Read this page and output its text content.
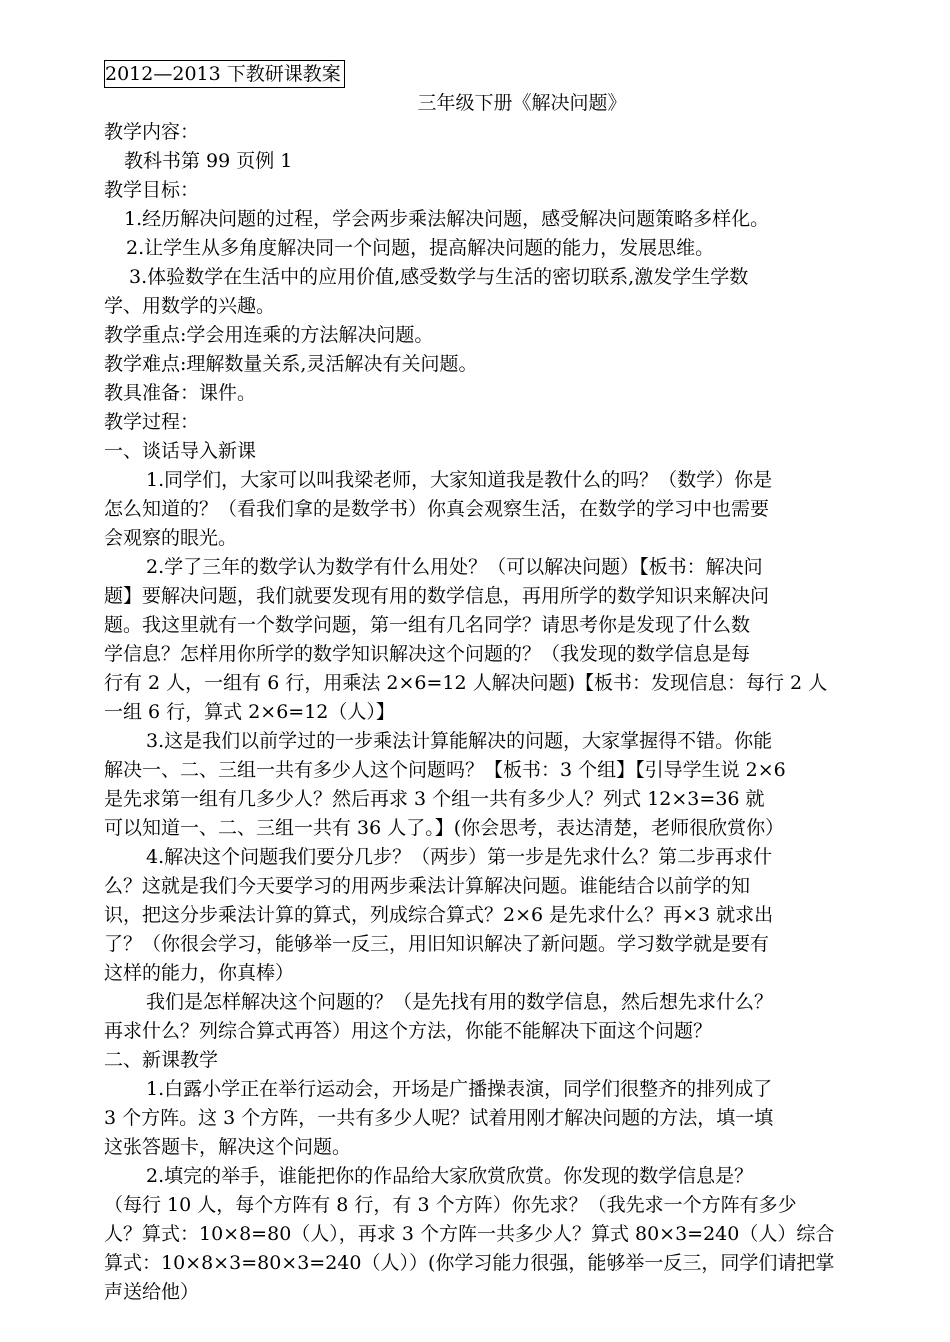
2012—2013 下教研课教案
三年级下册《解决问题》
教学内容：
教科书第 99 页例 1
教学目标：
1.经历解决问题的过程，学会两步乘法解决问题，感受解决问题策略多样化。
2.让学生从多角度解决同一个问题，提高解决问题的能力，发展思维。
3.体验数学在生活中的应用价值,感受数学与生活的密切联系,激发学生学数
学、用数学的兴趣。
教学重点:学会用连乘的方法解决问题。
教学难点:理解数量关系,灵活解决有关问题。
教具准备：课件。
教学过程：
一、谈话导入新课
1.同学们，大家可以叫我梁老师，大家知道我是教什么的吗？（数学）你是
怎么知道的？（看我们拿的是数学书）你真会观察生活，在数学的学习中也需要
会观察的眼光。
2.学了三年的数学认为数学有什么用处？（可以解决问题）【板书：解决问
题】要解决问题，我们就要发现有用的数学信息，再用所学的数学知识来解决问
题。我这里就有一个数学问题，第一组有几名同学？请思考你是发现了什么数
学信息？怎样用你所学的数学知识解决这个问题的？（我发现的数学信息是每
行有 2 人，一组有 6 行，用乘法 2×6=12 人解决问题)【板书：发现信息：每行 2 人
一组 6 行，算式 2×6=12（人）】
3.这是我们以前学过的一步乘法计算能解决的问题，大家掌握得不错。你能
解决一、二、三组一共有多少人这个问题吗？【板书：3 个组】【引导学生说 2×6
是先求第一组有几多少人？然后再求 3 个组一共有多少人？列式 12×3=36 就
可以知道一、二、三组一共有 36 人了。】(你会思考，表达清楚，老师很欣赏你）
4.解决这个问题我们要分几步？（两步）第一步是先求什么？第二步再求什
么？这就是我们今天要学习的用两步乘法计算解决问题。谁能结合以前学的知
识，把这分步乘法计算的算式，列成综合算式？2×6 是先求什么？再×3 就求出
了？（你很会学习，能够举一反三，用旧知识解决了新问题。学习数学就是要有
这样的能力，你真棒）
我们是怎样解决这个问题的？（是先找有用的数学信息，然后想先求什么？
再求什么？列综合算式再答）用这个方法，你能不能解决下面这个问题？
二、新课教学
1.白露小学正在举行运动会，开场是广播操表演，同学们很整齐的排列成了
3 个方阵。这 3 个方阵，一共有多少人呢？试着用刚才解决问题的方法，填一填
这张答题卡，解决这个问题。
2.填完的举手，谁能把你的作品给大家欣赏欣赏。你发现的数学信息是？
（每行 10 人，每个方阵有 8 行，有 3 个方阵）你先求？（我先求一个方阵有多少
人？算式：10×8=80（人），再求 3 个方阵一共多少人？算式 80×3=240（人）综合
算式：10×8×3=80×3=240（人））(你学习能力很强，能够举一反三，同学们请把掌
声送给他）
